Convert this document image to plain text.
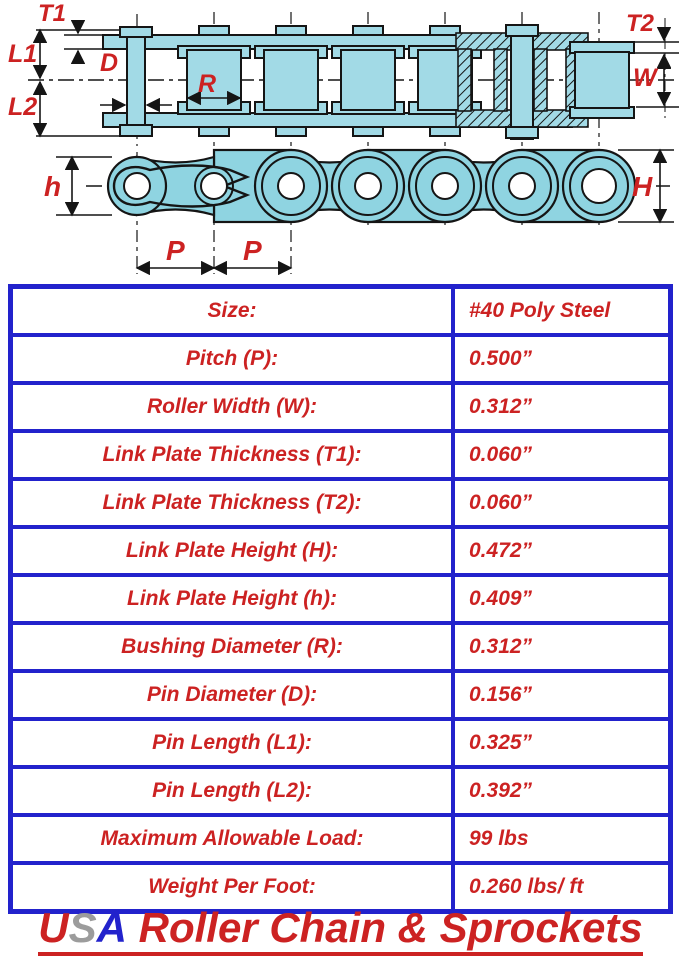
T1
L1
L2
D
R
T2
W
h	H
P P
Size:	#40 Poly Steel
Pitch (P):	0.500”
Roller Width (W):	0.312”
Link Plate Thickness (T1):	0.060”
Link Plate Thickness (T2):	0.060”
Link Plate Height (H):	0.472”
Link Plate Height (h):	0.409”
Bushing Diameter (R):	0.312”
Pin Diameter (D):	0.156”
Pin Length (L1):	0.325”
Pin Length (L2):	0.392”
Maximum Allowable Load:	99 lbs
Weight Per Foot:	0.260 lbs/ ft
USA Roller Chain & Sprockets
